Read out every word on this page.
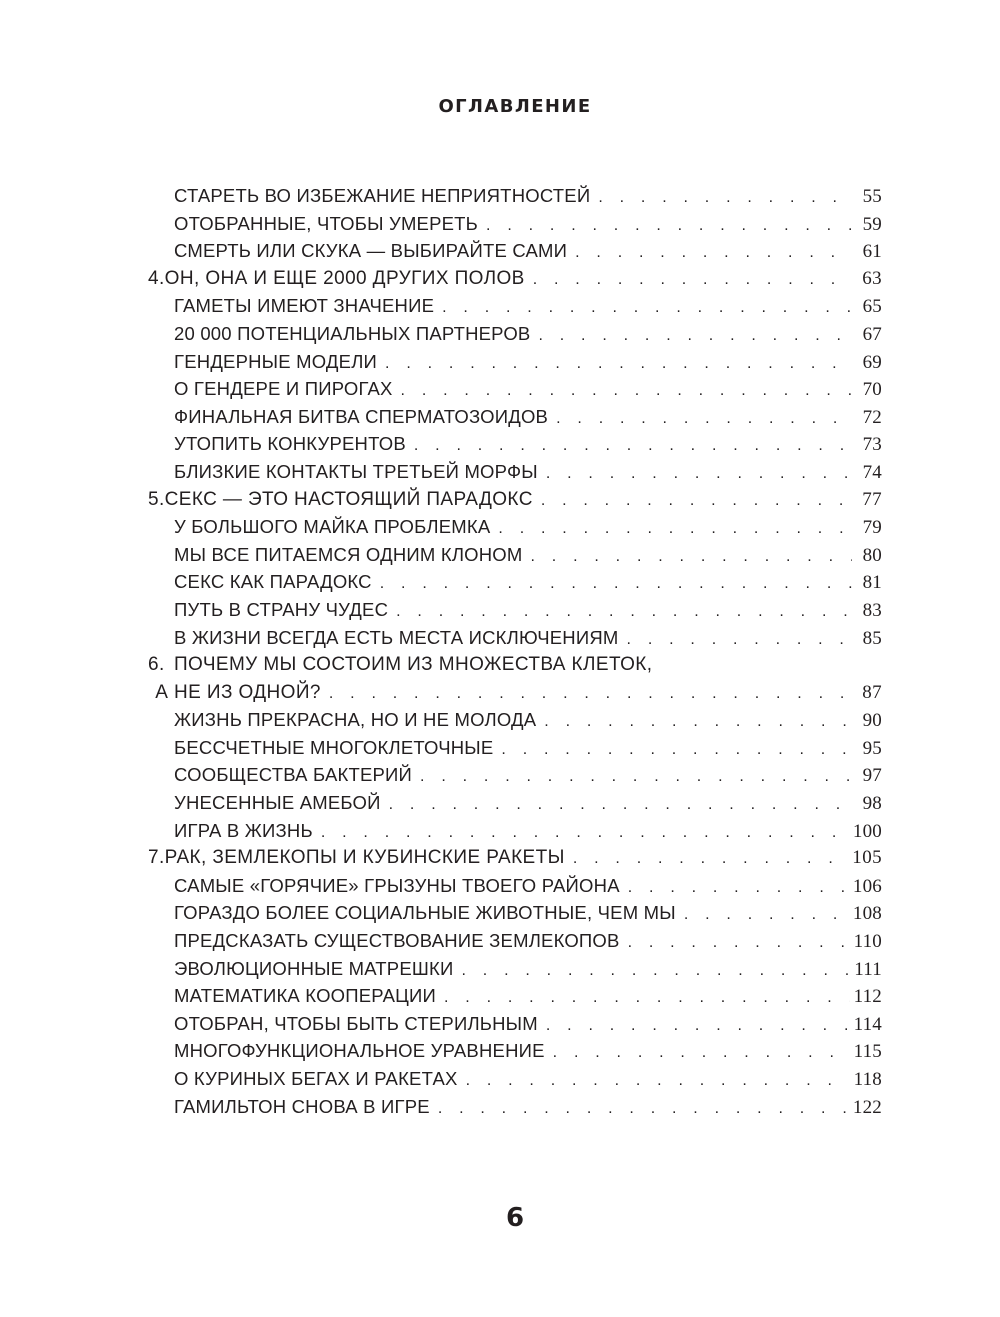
ОГЛАВЛЕНИЕ
СТАРЕТЬ ВО ИЗБЕЖАНИЕ НЕПРИЯТНОСТЕЙ . . .	55
ОТОБРАННЫЕ, ЧТОБЫ УМЕРЕТЬ . . .	59
СМЕРТЬ ИЛИ СКУКА — ВЫБИРАЙТЕ САМИ . . .	61
4. ОН, ОНА И ЕЩЕ 2000 ДРУГИХ ПОЛОВ . . .	63
ГАМЕТЫ ИМЕЮТ ЗНАЧЕНИЕ . . .	65
20 000 ПОТЕНЦИАЛЬНЫХ ПАРТНЕРОВ . . .	67
ГЕНДЕРНЫЕ МОДЕЛИ . . .	69
О ГЕНДЕРЕ И ПИРОГАХ . . .	70
ФИНАЛЬНАЯ БИТВА СПЕРМАТОЗОИДОВ . . .	72
УТОПИТЬ КОНКУРЕНТОВ . . .	73
БЛИЗКИЕ КОНТАКТЫ ТРЕТЬЕЙ МОРФЫ . . .	74
5. СЕКС — ЭТО НАСТОЯЩИЙ ПАРАДОКС . . .	77
У БОЛЬШОГО МАЙКА ПРОБЛЕМКА . . .	79
МЫ ВСЕ ПИТАЕМСЯ ОДНИМ КЛОНОМ . . .	80
СЕКС КАК ПАРАДОКС . . .	81
ПУТЬ В СТРАНУ ЧУДЕС . . .	83
В ЖИЗНИ ВСЕГДА ЕСТЬ МЕСТА ИСКЛЮЧЕНИЯМ . . .	85
6. ПОЧЕМУ МЫ СОСТОИМ ИЗ МНОЖЕСТВА КЛЕТОК,
А НЕ ИЗ ОДНОЙ? . . .	87
ЖИЗНЬ ПРЕКРАСНА, НО И НЕ МОЛОДА . . .	90
БЕССЧЕТНЫЕ МНОГОКЛЕТОЧНЫЕ . . .	95
СООБЩЕСТВА БАКТЕРИЙ . . .	97
УНЕСЕННЫЕ АМЕБОЙ . . .	98
ИГРА В ЖИЗНЬ . . .	100
7. РАК, ЗЕМЛЕКОПЫ И КУБИНСКИЕ РАКЕТЫ . . .	105
САМЫЕ «ГОРЯЧИЕ» ГРЫЗУНЫ ТВОЕГО РАЙОНА . . .	106
ГОРАЗДО БОЛЕЕ СОЦИАЛЬНЫЕ ЖИВОТНЫЕ, ЧЕМ МЫ . . .	108
ПРЕДСКАЗАТЬ СУЩЕСТВОВАНИЕ ЗЕМЛЕКОПОВ . . .	110
ЭВОЛЮЦИОННЫЕ МАТРЕШКИ . . .	111
МАТЕМАТИКА КООПЕРАЦИИ . . .	112
ОТОБРАН, ЧТОБЫ БЫТЬ СТЕРИЛЬНЫМ . . .	114
МНОГОФУНКЦИОНАЛЬНОЕ УРАВНЕНИЕ . . .	115
О КУРИНЫХ БЕГАХ И РАКЕТАХ . . .	118
ГАМИЛЬТОН СНОВА В ИГРЕ . . .	122
6
